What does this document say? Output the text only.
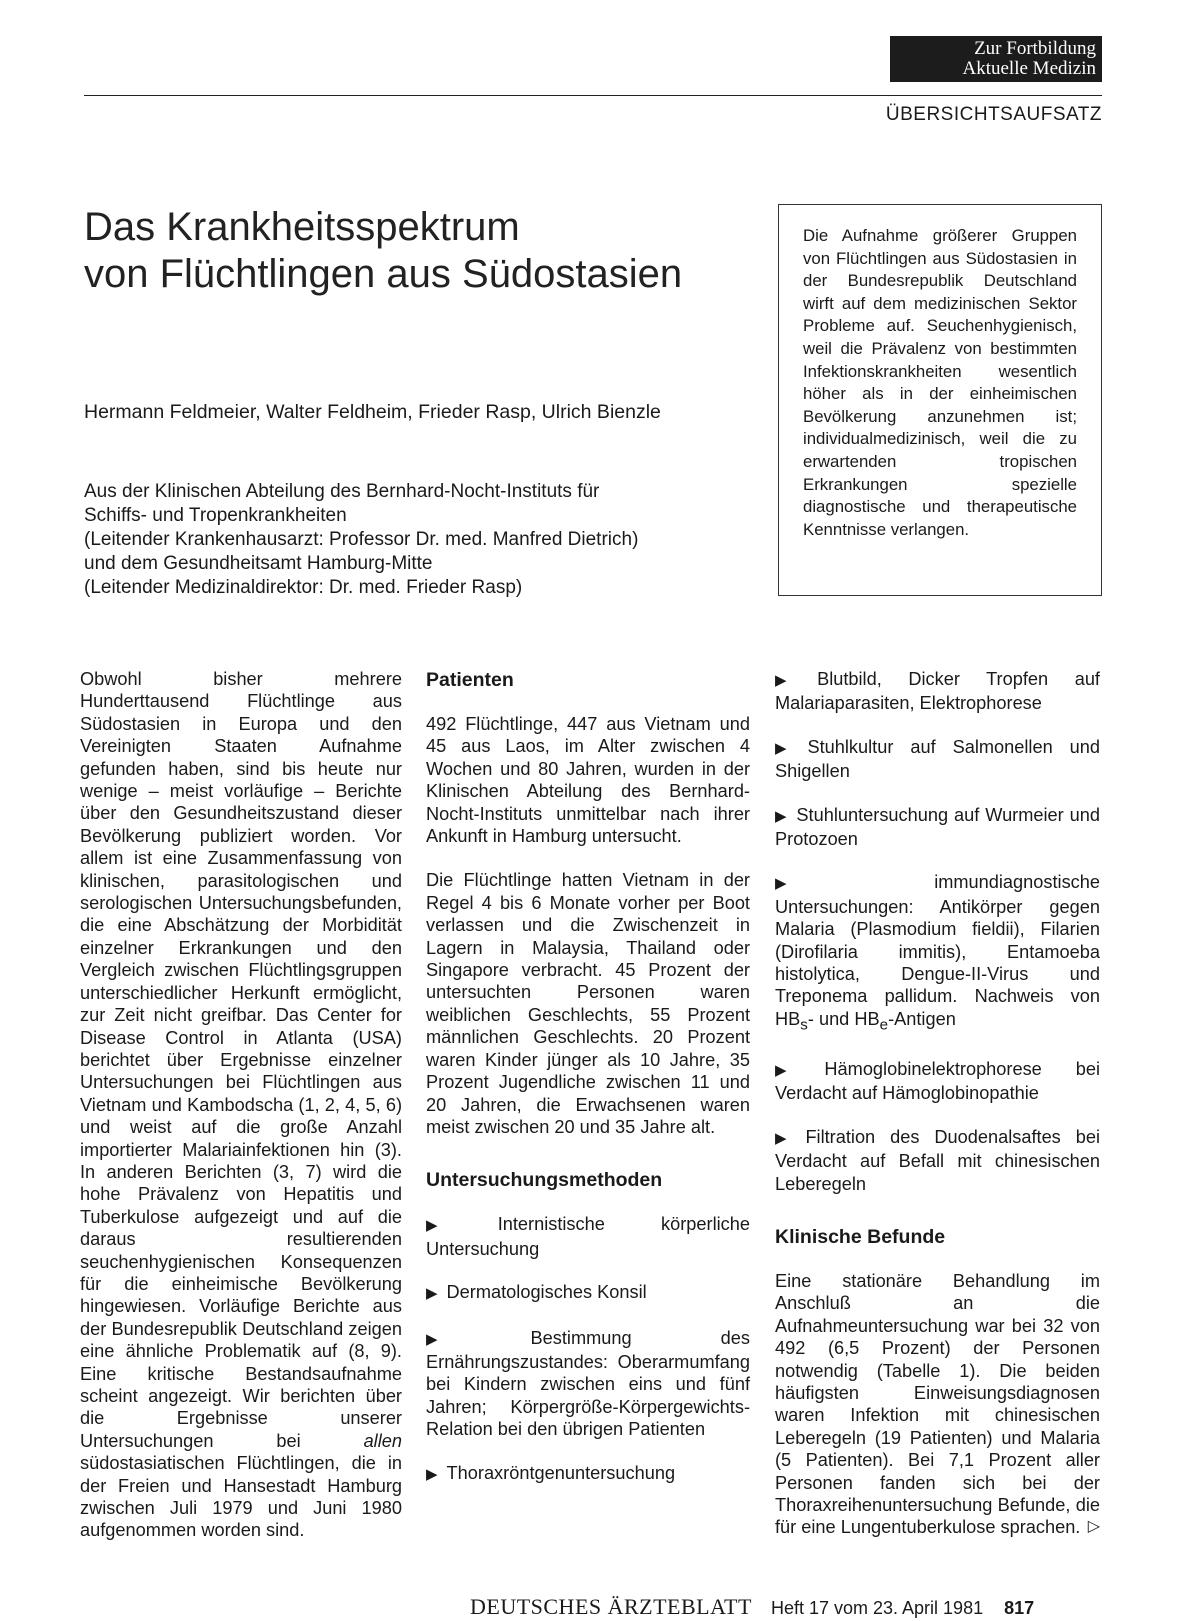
Zur Fortbildung
Aktuelle Medizin
ÜBERSICHTSAUFSATZ
Das Krankheitsspektrum
von Flüchtlingen aus Südostasien
Hermann Feldmeier, Walter Feldheim, Frieder Rasp, Ulrich Bienzle
Aus der Klinischen Abteilung des Bernhard-Nocht-Instituts für
Schiffs- und Tropenkrankheiten
(Leitender Krankenhausarzt: Professor Dr. med. Manfred Dietrich)
und dem Gesundheitsamt Hamburg-Mitte
(Leitender Medizinaldirektor: Dr. med. Frieder Rasp)
Die Aufnahme größerer Gruppen von Flüchtlingen aus Südostasien in der Bundesrepublik Deutschland wirft auf dem medizinischen Sektor Probleme auf. Seuchenhygienisch, weil die Prävalenz von bestimmten Infektionskrankheiten wesentlich höher als in der einheimischen Bevölkerung anzunehmen ist; individualmedizinisch, weil die zu erwartenden tropischen Erkrankungen spezielle diagnostische und therapeutische Kenntnisse verlangen.

Obwohl bisher mehrere Hunderttausend Flüchtlinge aus Südostasien in Europa und den Vereinigten Staaten Aufnahme gefunden haben, sind bis heute nur wenige – meist vorläufige – Berichte über den Gesundheitszustand dieser Bevölkerung publiziert worden. Vor allem ist eine Zusammenfassung von klinischen, parasitologischen und serologischen Untersuchungsbefunden, die eine Abschätzung der Morbidität einzelner Erkrankungen und den Vergleich zwischen Flüchtlingsgruppen unterschiedlicher Herkunft ermöglicht, zur Zeit nicht greifbar. Das Center for Disease Control in Atlanta (USA) berichtet über Ergebnisse einzelner Untersuchungen bei Flüchtlingen aus Vietnam und Kambodscha (1, 2, 4, 5, 6) und weist auf die große Anzahl importierter Malariainfektionen hin (3). In anderen Berichten (3, 7) wird die hohe Prävalenz von Hepatitis und Tuberkulose aufgezeigt und auf die daraus resultierenden seuchenhygienischen Konsequenzen für die einheimische Bevölkerung hingewiesen. Vorläufige Berichte aus der Bundesrepublik Deutschland zeigen eine ähnliche Problematik auf (8, 9). Eine kritische Bestandsaufnahme scheint angezeigt. Wir berichten über die Ergebnisse unserer Untersuchungen bei	allen südostasiatischen Flüchtlingen, die in der Freien und Hansestadt Hamburg zwischen Juli 1979 und Juni 1980 aufgenommen worden sind.

Patienten

492 Flüchtlinge, 447 aus Vietnam und 45 aus Laos, im Alter zwischen 4 Wochen und 80 Jahren, wurden in der Klinischen Abteilung des Bernhard-Nocht-Instituts unmittelbar nach ihrer Ankunft in Hamburg untersucht.

Die Flüchtlinge hatten Vietnam in der Regel 4 bis 6 Monate vorher per Boot verlassen und die Zwischenzeit in Lagern in Malaysia, Thailand oder Singapore verbracht. 45 Prozent der untersuchten Personen waren weiblichen Geschlechts, 55 Prozent männlichen Geschlechts. 20 Prozent waren Kinder jünger als 10 Jahre, 35 Prozent Jugendliche zwischen 11 und 20 Jahren, die Erwachsenen waren meist zwischen 20 und 35 Jahre alt.

Untersuchungsmethoden
▶ Internistische körperliche Untersuchung
▶ Dermatologisches Konsil
▶ Bestimmung des Ernährungszustandes: Oberarmumfang bei Kindern zwischen eins und fünf Jahren; Körpergröße-Körpergewichts-Relation bei den übrigen Patienten
▶ Thoraxröntgenuntersuchung
▶ Blutbild, Dicker Tropfen auf Malariaparasiten, Elektrophorese
▶ Stuhlkultur auf Salmonellen und Shigellen
▶ Stuhluntersuchung auf Wurmeier und Protozoen
▶ immundiagnostische Untersuchungen: Antikörper gegen Malaria (Plasmodium fieldii), Filarien (Dirofilaria immitis), Entamoeba histolytica, Dengue-II-Virus und Treponema pallidum. Nachweis von $HB_s-$ und $HB_e$-Antigen
▶ Hämoglobinelektrophorese bei Verdacht auf Hämoglobinopathie
▶ Filtration des Duodenalsaftes bei Verdacht auf Befall mit chinesischen Leberegeln
Klinische Befunde

Eine stationäre Behandlung im Anschluß an die Aufnahmeuntersuchung war bei 32 von 492 (6,5 Prozent) der Personen notwendig (Tabelle 1). Die beiden häufigsten Einweisungsdiagnosen waren Infektion mit chinesischen Leberegeln (19 Patienten) und Malaria (5 Patienten). Bei 7,1 Prozent aller Personen fanden sich bei der Thoraxreihenuntersuchung Befunde, die für eine Lungentuberkulose sprachen. ▷

DEUTSCHES ÄRZTEBLATT Heft 17 vom 23. April 1981 817
